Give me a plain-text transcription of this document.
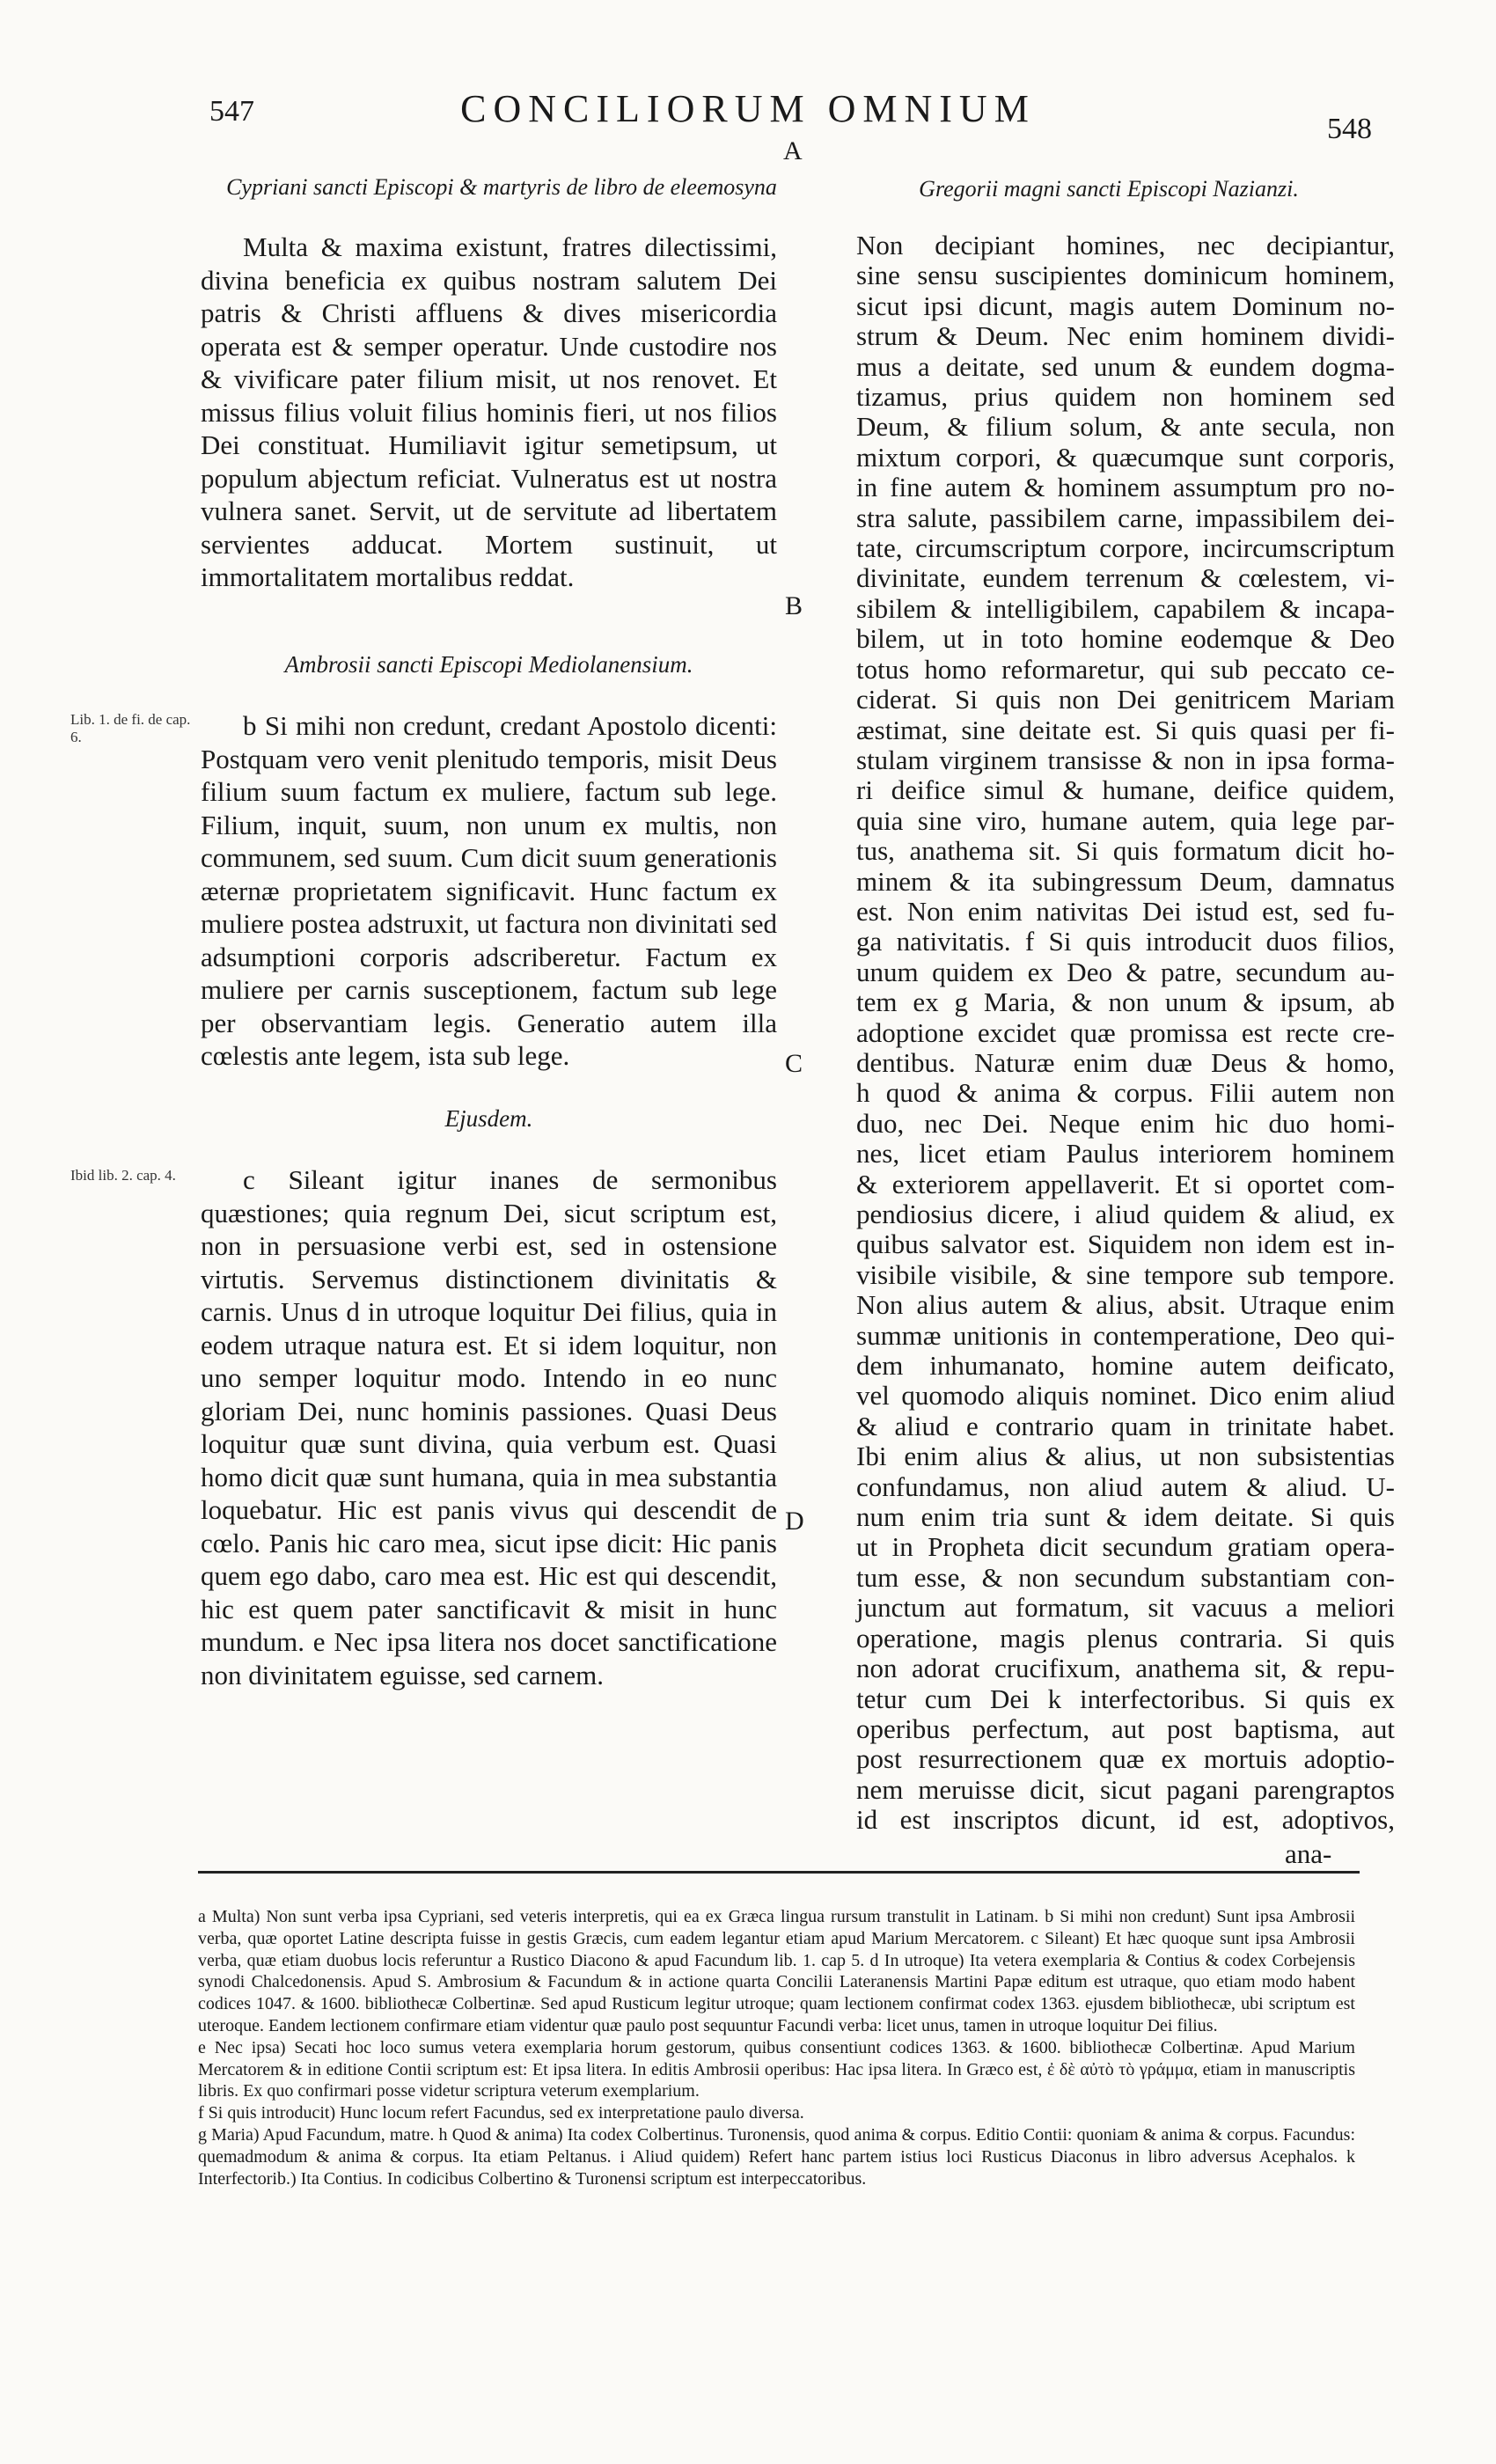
547	CONCILIORUM OMNIUM	548
A
Cypriani sancti Episcopi & martyris de libro de eleemosyna

Multa & maxima existunt, fratres dilectissimi, divina beneficia ex quibus nostram salutem Dei patris & Christi affluens & dives misericordia operata est & semper operatur. Unde custodire nos & vivificare pater filium misit, ut nos renovet. Et missus filius voluit filius hominis fieri, ut nos filios Dei constituat. Humiliavit igitur semetipsum, ut populum abjectum reficiat. Vulneratus est ut nostra vulnera sanet. Servit, ut de servitute ad libertatem servientes adducat. Mortem sustinuit, ut immortalitatem mortalibus reddat.

Ambrosii sancti Episcopi Mediolanensium.
Lib. 1. de fi. de cap. 6.	b Si mihi non credunt, credant Apostolo dicenti: Postquam vero venit plenitudo temporis, misit Deus filium suum factum ex muliere, factum sub lege. Filium, inquit, suum, non unum ex multis, non communem, sed suum. Cum dicit suum generationis æternæ proprietatem significavit. Hunc factum ex muliere postea adstruxit, ut factura non divinitati sed adsumptioni corporis adscriberetur. Factum ex muliere per carnis susceptionem, factum sub lege per observantiam legis. Generatio autem illa cœlestis ante legem, ista sub lege.

Ejusdem.
Ibid lib. 2. cap. 4.	c Sileant igitur inanes de sermonibus quæstiones; quia regnum Dei, sicut scriptum est, non in persuasione verbi est, sed in ostensione virtutis. Servemus distinctionem divinitatis & carnis. Unus d in utroque loquitur Dei filius, quia in eodem utraque natura est. Et si idem loquitur, non uno semper loquitur modo. Intendo in eo nunc gloriam Dei, nunc hominis passiones. Quasi Deus loquitur quæ sunt divina, quia verbum est. Quasi homo dicit quæ sunt humana, quia in mea substantia loquebatur. Hic est panis vivus qui descendit de cœlo. Panis hic caro mea, sicut ipse dicit: Hic panis quem ego dabo, caro mea est. Hic est qui descendit, hic est quem pater sanctificavit & misit in hunc mundum. e Nec ipsa litera nos docet sanctificatione non divinitatem eguisse, sed carnem.

B
C
D
Gregorii magni sancti Episcopi Nazianzi.

Non decipiant homines, nec decipiantur,

sine sensu suscipientes dominicum hominem,

sicut ipsi dicunt, magis autem Dominum no-

strum & Deum. Nec enim hominem dividi-

mus a deitate, sed unum & eundem dogma-

tizamus, prius quidem non hominem sed

Deum, & filium solum, & ante secula, non

mixtum corpori, & quæcumque sunt corporis,

in fine autem & hominem assumptum pro no-

stra salute, passibilem carne, impassibilem dei-

tate, circumscriptum corpore, incircumscriptum

divinitate, eundem terrenum & cœlestem, vi-

sibilem & intelligibilem, capabilem & incapa-

bilem, ut in toto homine eodemque & Deo

totus homo reformaretur, qui sub peccato ce-

ciderat. Si quis non Dei genitricem Mariam

æstimat, sine deitate est. Si quis quasi per fi-

stulam virginem transisse & non in ipsa forma-

ri deifice simul & humane, deifice quidem,

quia sine viro, humane autem, quia lege par-

tus, anathema sit. Si quis formatum dicit ho-

minem & ita subingressum Deum, damnatus

est. Non enim nativitas Dei istud est, sed fu-

ga nativitatis. f Si quis introducit duos filios,

unum quidem ex Deo & patre, secundum au-

tem ex g Maria, & non unum & ipsum, ab

adoptione excidet quæ promissa est recte cre-

dentibus. Naturæ enim duæ Deus & homo,

h quod & anima & corpus. Filii autem non

duo, nec Dei. Neque enim hic duo homi-

nes, licet etiam Paulus interiorem hominem

& exteriorem appellaverit. Et si oportet com-

pendiosius dicere, i aliud quidem & aliud, ex

quibus salvator est. Siquidem non idem est in-

visibile visibile, & sine tempore sub tempore.

Non alius autem & alius, absit. Utraque enim

summæ unitionis in contemperatione, Deo qui-

dem inhumanato, homine autem deificato,

vel quomodo aliquis nominet. Dico enim aliud

& aliud e contrario quam in trinitate habet.

Ibi enim alius & alius, ut non subsistentias

confundamus, non aliud autem & aliud. U-

num enim tria sunt & idem deitate. Si quis

ut in Propheta dicit secundum gratiam opera-

tum esse, & non secundum substantiam con-

junctum aut formatum, sit vacuus a meliori

operatione, magis plenus contraria. Si quis

non adorat crucifixum, anathema sit, & repu-

tetur cum Dei k interfectoribus. Si quis ex

operibus perfectum, aut post baptisma, aut

post resurrectionem quæ ex mortuis adoptio-

nem meruisse dicit, sicut pagani parengraptos

id est inscriptos dicunt, id est, adoptivos,

ana-

a Multa) Non sunt verba ipsa Cypriani, sed veteris interpretis, qui ea ex Græca lingua rursum transtulit in Latinam. b Si mihi non credunt) Sunt ipsa Ambrosii verba, quæ oportet Latine descripta fuisse in gestis Græcis, cum eadem legantur etiam apud Marium Mercatorem. c Sileant) Et hæc quoque sunt ipsa Ambrosii verba, quæ etiam duobus locis referuntur a Rustico Diacono & apud Facundum lib. 1. cap 5. d In utroque) Ita vetera exemplaria & Contius & codex Corbejensis synodi Chalcedonensis. Apud S. Ambrosium & Facundum & in actione quarta Concilii Lateranensis Martini Papæ editum est utraque, quo etiam modo habent codices 1047. & 1600. bibliothecæ Colbertinæ. Sed apud Rusticum legitur utroque; quam lectionem confirmat codex 1363. ejusdem bibliothecæ, ubi scriptum est uteroque. Eandem lectionem confirmare etiam videntur quæ paulo post sequuntur Facundi verba: licet unus, tamen in utroque loquitur Dei filius.

e Nec ipsa) Secati hoc loco sumus vetera exemplaria horum gestorum, quibus consentiunt codices 1363. & 1600. bibliothecæ Colbertinæ. Apud Marium Mercatorem & in editione Contii scriptum est: Et ipsa litera. In editis Ambrosii operibus: Hac ipsa litera. In Græco est, ἐ δὲ αὐτὸ τὸ γράμμα, etiam in manuscriptis libris. Ex quo confirmari posse videtur scriptura veterum exemplarium.

f Si quis introducit) Hunc locum refert Facundus, sed ex interpretatione paulo diversa.

g Maria) Apud Facundum, matre. h Quod & anima) Ita codex Colbertinus. Turonensis, quod anima & corpus. Editio Contii: quoniam & anima & corpus. Facundus: quemadmodum & anima & corpus. Ita etiam Peltanus. i Aliud quidem) Refert hanc partem istius loci Rusticus Diaconus in libro adversus Acephalos. k Interfectorib.) Ita Contius. In codicibus Colbertino & Turonensi scriptum est interpeccatoribus.
